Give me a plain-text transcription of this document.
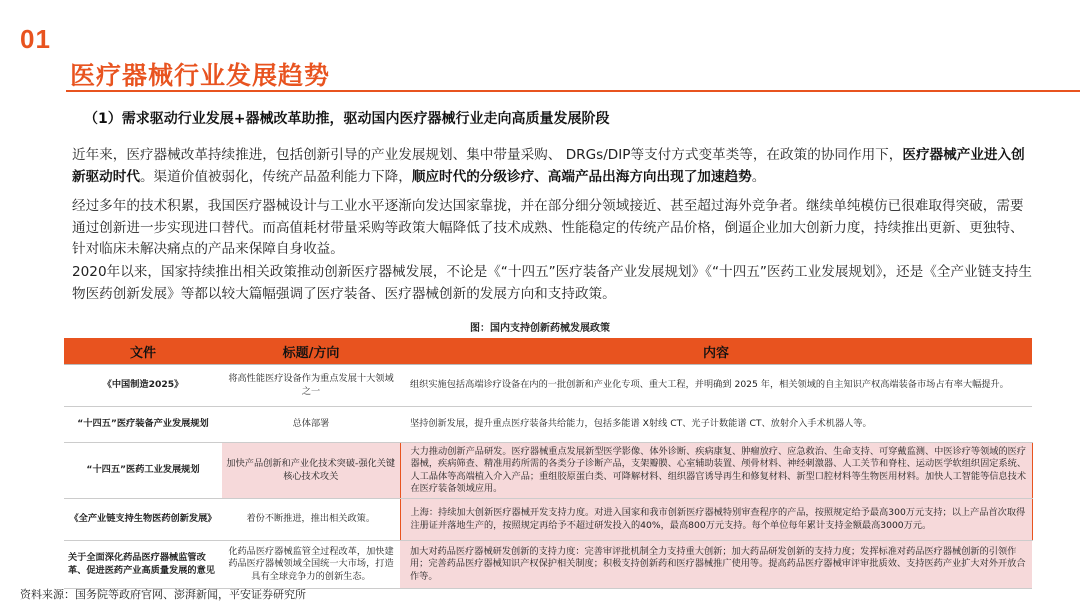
01
医疗器械行业发展趋势
（1）需求驱动行业发展+器械改革助推，驱动国内医疗器械行业走向高质量发展阶段
近年来，医疗器械改革持续推进，包括创新引导的产业发展规划、集中带量采购、 DRGs/DIP等支付方式变革类等，在政策的协同作用下，医疗器械产业进入创新驱动时代。渠道价值被弱化，传统产品盈利能力下降，顺应时代的分级诊疗、高端产品出海方向出现了加速趋势。
经过多年的技术积累，我国医疗器械设计与工业水平逐渐向发达国家靠拢，并在部分细分领域接近、甚至超过海外竞争者。继续单纯模仿已很难取得突破，需要通过创新进一步实现进口替代。而高值耗材带量采购等政策大幅降低了技术成熟、性能稳定的传统产品价格，倒逼企业加大创新力度，持续推出更新、更独特、针对临床未解决痛点的产品来保障自身收益。
2020年以来，国家持续推出相关政策推动创新医疗器械发展，不论是《“十四五”医疗装备产业发展规划》《“十四五”医药工业发展规划》，还是《全产业链支持生物医药创新发展》等都以较大篇幅强调了医疗装备、医疗器械创新的发展方向和支持政策。
图：国内支持创新药械发展政策
文件	标题/方向	内容
《中国制造2025》	将高性能医疗设备作为重点发展十大领域之一	组织实施包括高端诊疗设备在内的一批创新和产业化专项、重大工程，并明确到 2025 年，相关领域的自主知识产权高端装备市场占有率大幅提升。
“十四五”医疗装备产业发展规划	总体部署	坚持创新发展，提升重点医疗装备共给能力，包括多能谱 X射线 CT、光子计数能谱 CT、放射介入手术机器人等。
“十四五”医药工业发展规划	加快产品创新和产业化技术突破-强化关键核心技术攻关	大力推动创新产品研发。医疗器械重点发展新型医学影像、体外诊断、疾病康复、肿瘤放疗、应急救治、生命支持、可穿戴监测、中医诊疗等领域的医疗器械，疾病筛查、精准用药所需的各类分子诊断产品，支架瓣膜、心室辅助装置、颅骨材料、神经刺激器、人工关节和脊柱、运动医学软组织固定系统、人工晶体等高端植入介入产品；重组胶原蛋白类、可降解材料、组织器官诱导再生和修复材料、新型口腔材料等生物医用材料。加快人工智能等信息技术在医疗装备领域应用。
《全产业链支持生物医药创新发展》	着份不断推进，推出相关政策。	上海：持续加大创新医疗器械开发支持力度。对进入国家和我市创新医疗器械特别审查程序的产品，按照规定给予最高300万元支持；以上产品首次取得注册证并落地生产的，按照规定再给予不超过研发投入的40%，最高800万元支持。每个单位每年累计支持金额最高3000万元。
关于全面深化药品医疗器械监管改革、促进医药产业高质量发展的意见	化药品医疗器械监管全过程改革，加快建药品医疗器械领域全国统一大市场，打造具有全球竞争力的创新生态。	加大对药品医疗器械研发创新的支持力度：完善审评批机制全力支持重大创新；加大药品研发创新的支持力度；发挥标准对药品医疗器械创新的引领作用；完善药品医疗器械知识产权保护相关制度；积极支持创新药和医疗器械推广使用等。提高药品医疗器械审评审批质效、支持医药产业扩大对外开放合作等。
资料来源：国务院等政府官网、澎湃新闻，平安证券研究所
